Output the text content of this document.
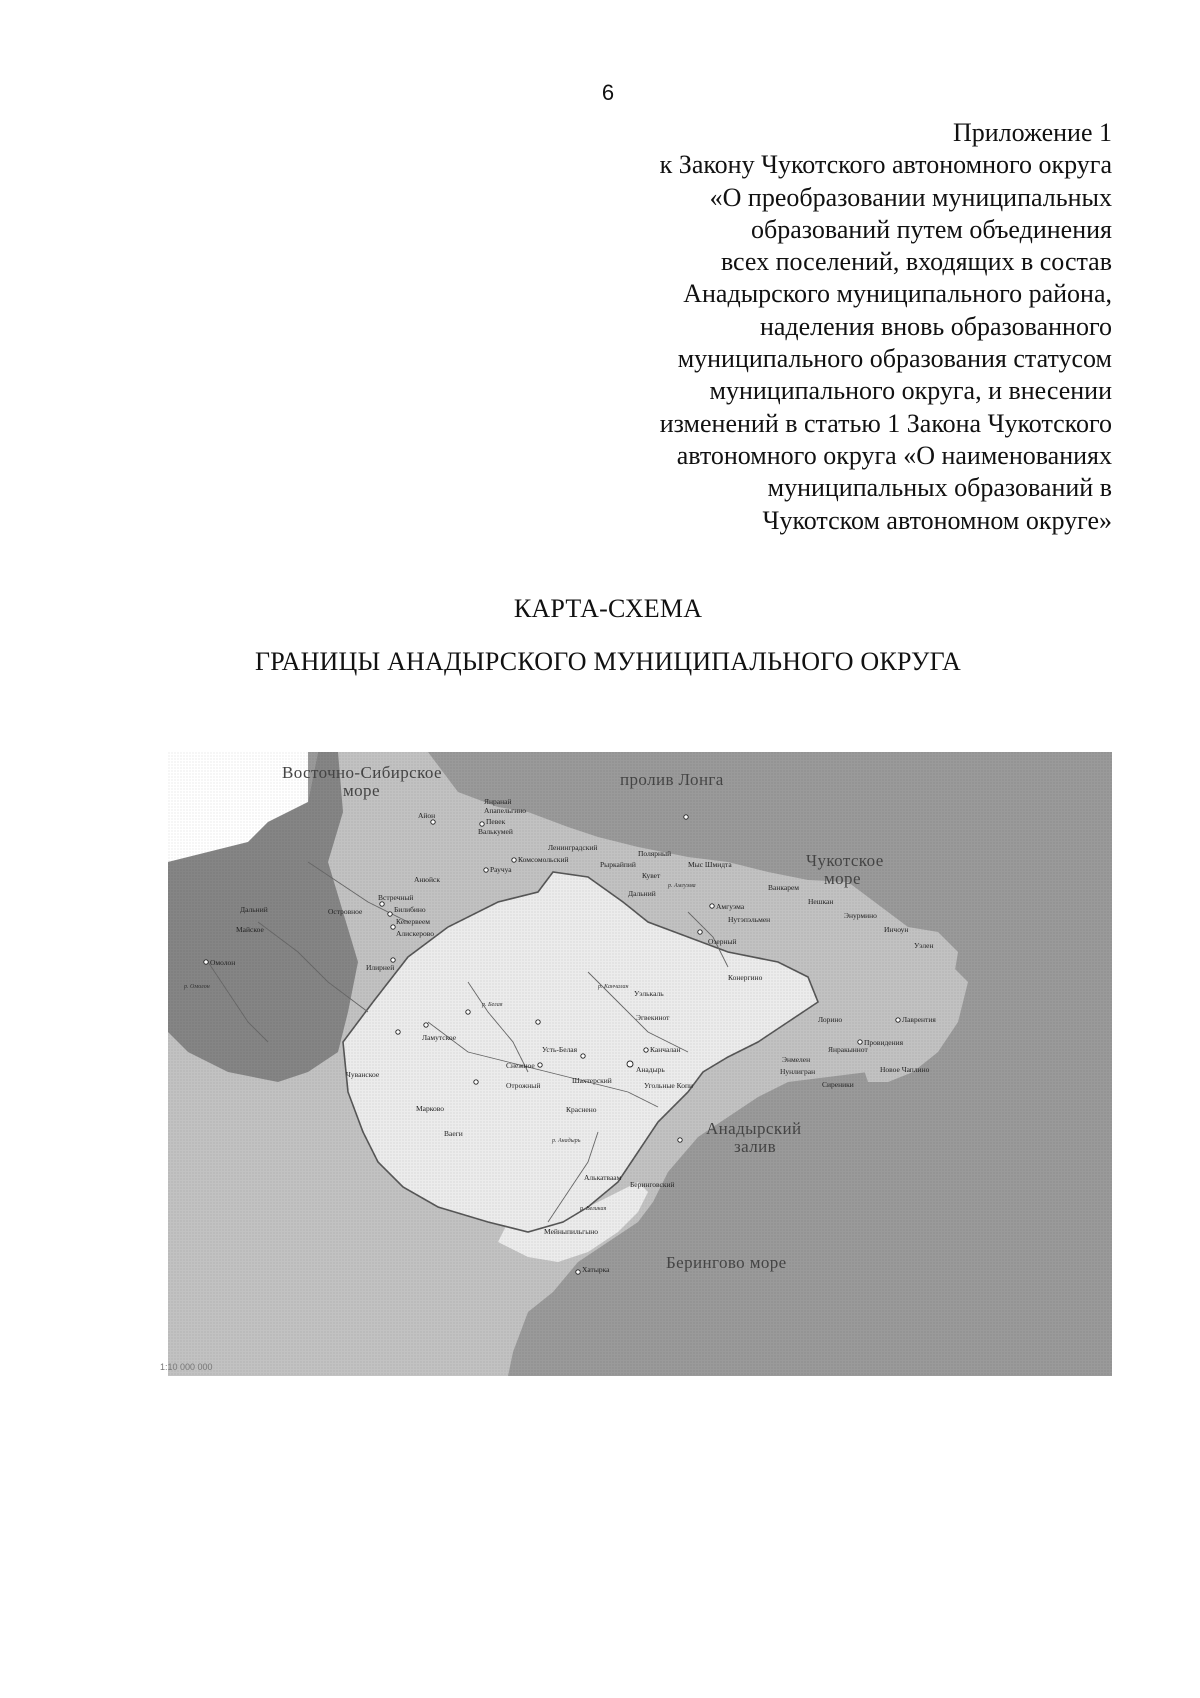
6
Приложение 1
к Закону Чукотского автономного округа
«О преобразовании муниципальных
образований путем объединения
всех поселений, входящих в состав
Анадырского муниципального района,
наделения вновь образованного
муниципального образования статусом
муниципального округа, и внесении
изменений в статью 1 Закона Чукотского
автономного округа «О наименованиях
муниципальных образований в
Чукотском автономном округе»
КАРТА-СХЕМА
ГРАНИЦЫ АНАДЫРСКОГО МУНИЦИПАЛЬНОГО ОКРУГА
Восточно-Сибирское
море
пролив Лонга
Чукотское
море
Анадырский
залив
Берингово море
Янранай
Апапельгино
Певек
Валькумей
Айон
Ленинградский
Комсомольский
Раучуа
Анюйск
Встречный
Билибино
Кепервеем
Алискерово
Илирней
Островное
Дальний
Майское
Омолон
Ламутское
Чуванское
Марково
Ваеги
Снежное
Усть-Белая
Отрожный
Краснено
Шахтерский
Угольные Копи
Анадырь
Канчалан
Эгвекинот
Амгуэма
Конергино
Озерный
Алькатваам
Беринговский
Мейныпильгыно
Хатырка
Уэлькаль
Лорино	Лаврентия
Провидения
Сиреники
Новое Чаплино
Янракыннот
Энмелен
Нунлигран
Нутэпэльмен
Ванкарем
Нешкан
Энурмино
Инчоун
Уэлен
Рыркайпий	Мыс Шмидта
Полярный
Кувет
Дальний
р. Анадырь
р. Белая
р. Омолон	р. Канчалан
р. Великая
р. Амгуэма
1:10 000 000
